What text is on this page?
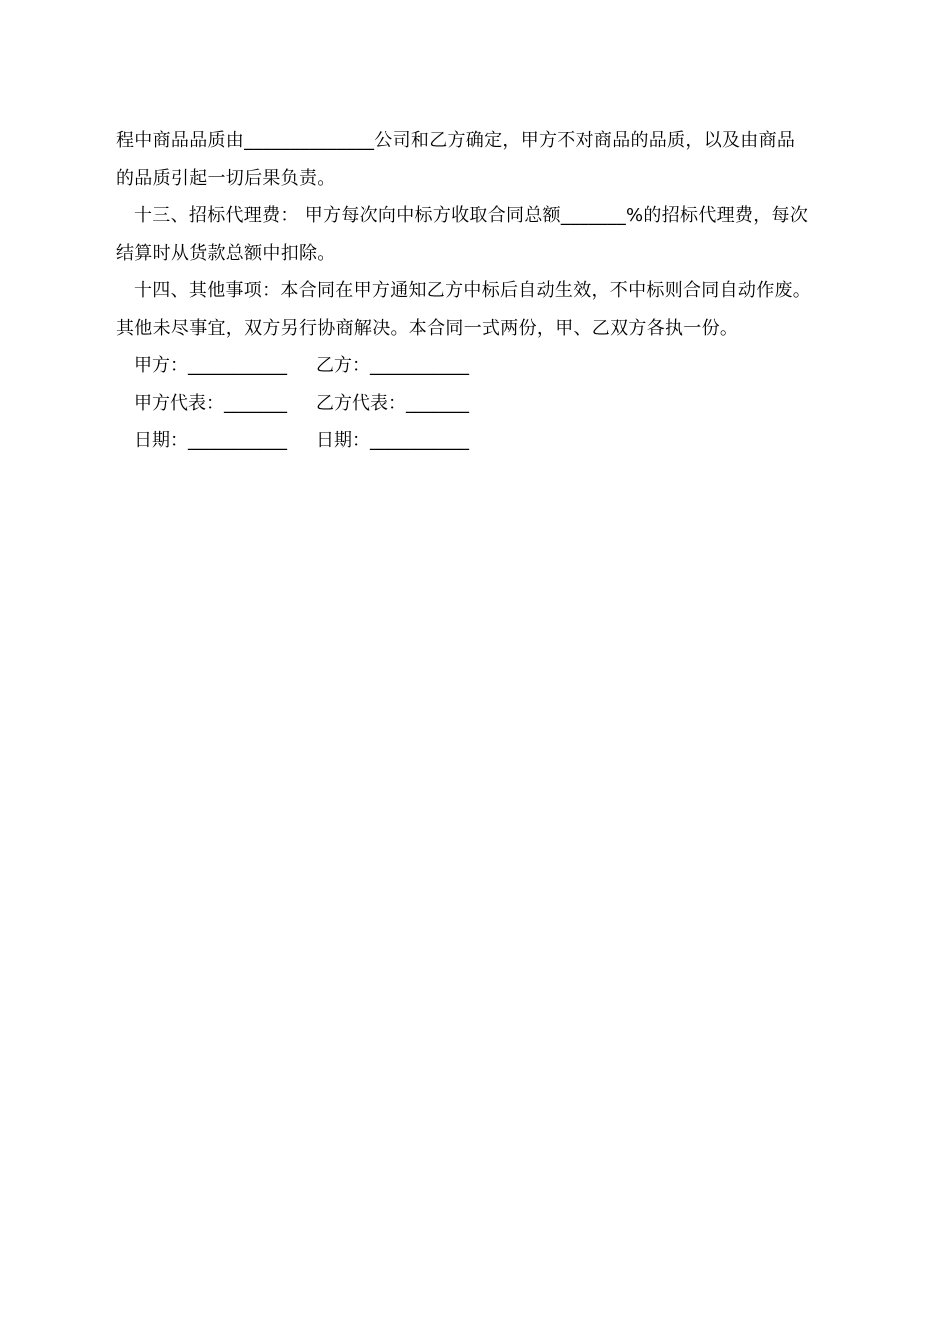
程中商品品质由______________公司和乙方确定，甲方不对商品的品质，以及由商品
的品质引起一切后果负责。
十三、招标代理费： 甲方每次向中标方收取合同总额_______%的招标代理费，每次
结算时从货款总额中扣除。
十四、其他事项：本合同在甲方通知乙方中标后自动生效，不中标则合同自动作废。
其他未尽事宜，双方另行协商解决。本合同一式两份，甲、乙双方各执一份。
甲方：___________ 乙方：___________
甲方代表：_______ 乙方代表：_______
日期：___________ 日期：___________
